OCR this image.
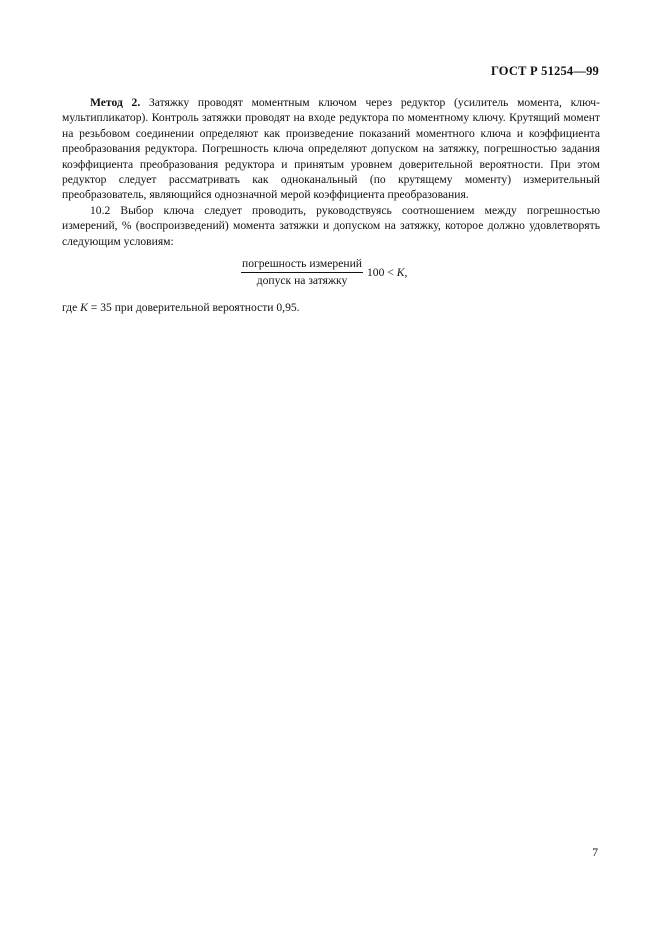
ГОСТ Р 51254—99

Метод 2. Затяжку проводят моментным ключом через редуктор (усилитель момента, ключ-мультипликатор). Контроль затяжки проводят на входе редуктора по моментному ключу. Крутящий момент на резьбовом соединении определяют как произведение показаний моментного ключа и коэффициента преобразования редуктора. Погрешность ключа определяют допуском на затяжку, погрешностью задания коэффициента преобразования редуктора и принятым уровнем доверительной вероятности. При этом редуктор следует рассматривать как одноканальный (по крутящему моменту) измерительный преобразователь, являющийся однозначной мерой коэффициента преобразования.

10.2 Выбор ключа следует проводить, руководствуясь соотношением между погрешностью измерений, % (воспроизведений) момента затяжки и допуском на затяжку, которое должно удовлетворять следующим условиям:

$\frac{\text{погрешность измерений}}{\text{допуск на затяжку}} 100 < K$,
где K = 35 при доверительной вероятности 0,95.
7
